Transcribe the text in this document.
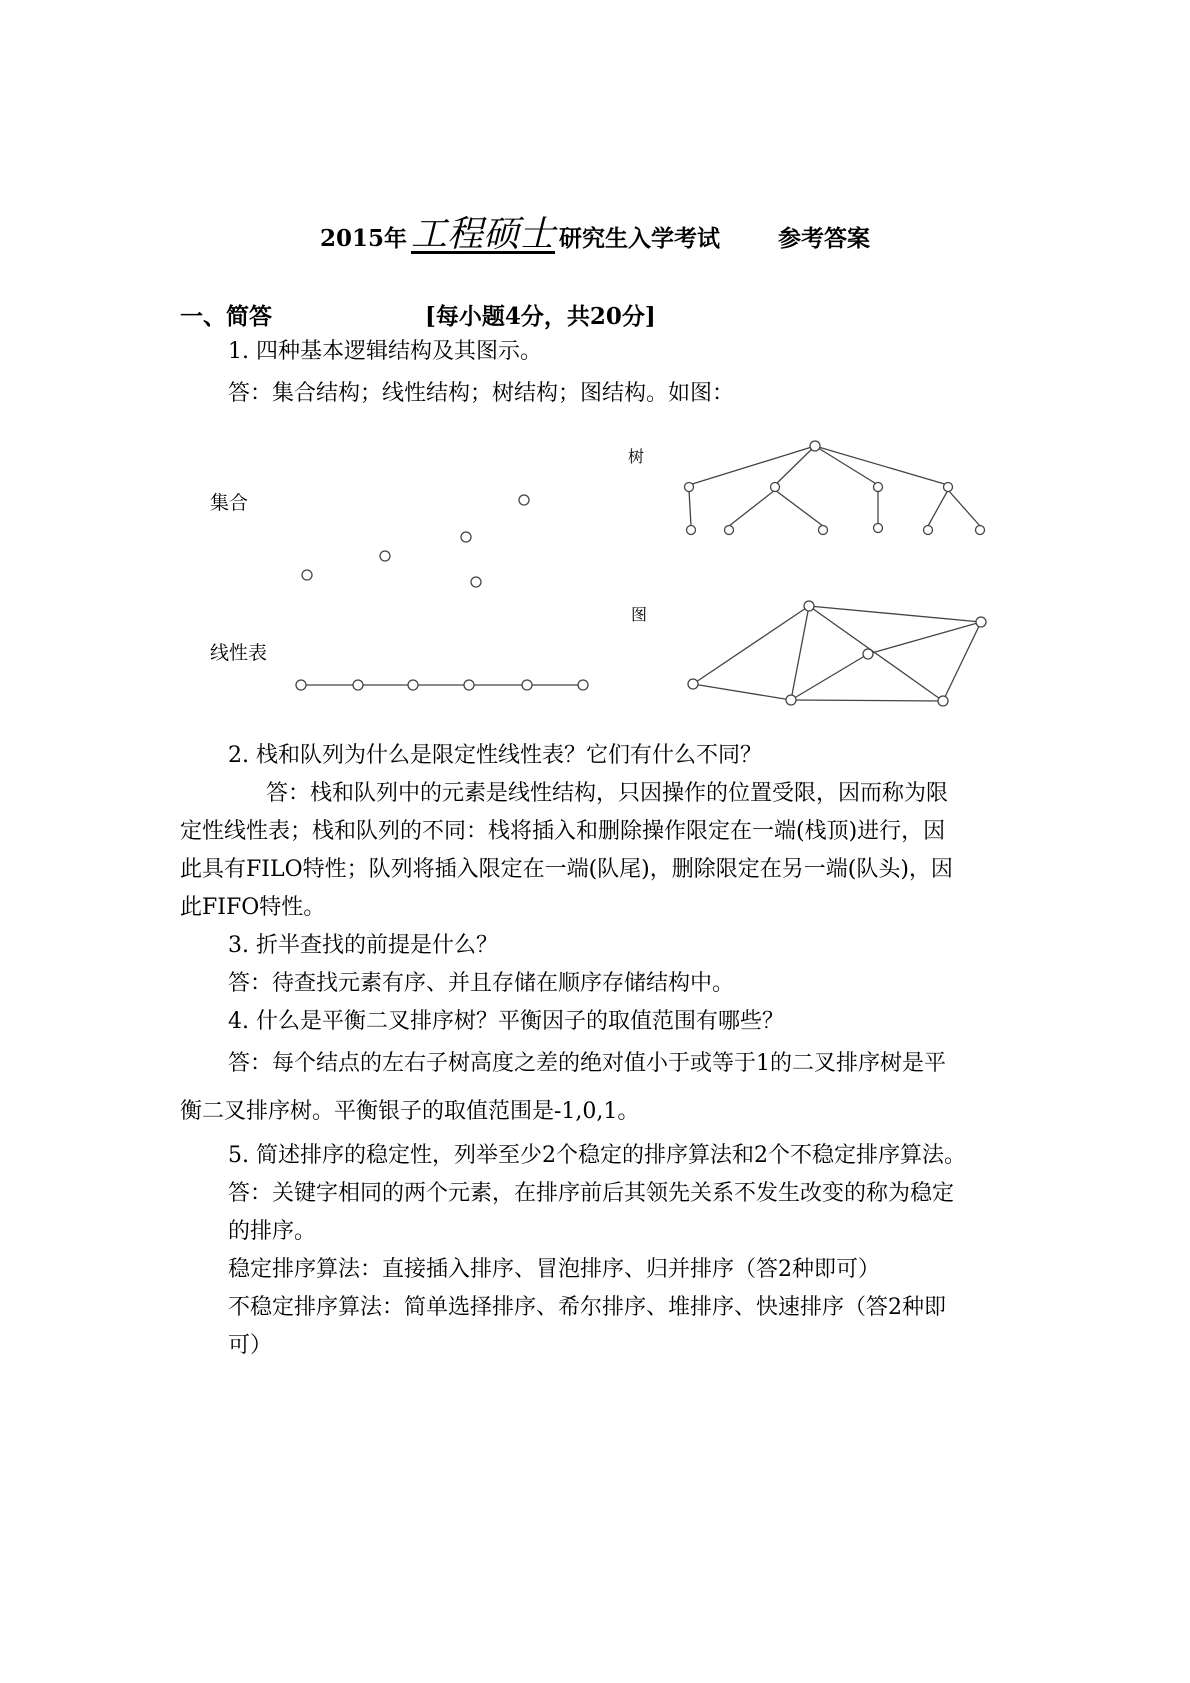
2015年 工程硕士 研究生入学考试	参考答案
一、简答	[每小题4分，共20分]
1. 四种基本逻辑结构及其图示。
答：集合结构；线性结构；树结构；图结构。如图：
集合
线性表
树
图
2. 栈和队列为什么是限定性线性表？它们有什么不同？
答：栈和队列中的元素是线性结构，只因操作的位置受限，因而称为限
定性线性表；栈和队列的不同：栈将插入和删除操作限定在一端(栈顶)进行，因
此具有FILO特性；队列将插入限定在一端(队尾)，删除限定在另一端(队头)，因
此FIFO特性。
3. 折半查找的前提是什么？
答：待查找元素有序、并且存储在顺序存储结构中。
4. 什么是平衡二叉排序树？平衡因子的取值范围有哪些？
答：每个结点的左右子树高度之差的绝对值小于或等于1的二叉排序树是平
衡二叉排序树。平衡银子的取值范围是-1,0,1。
5. 简述排序的稳定性，列举至少2个稳定的排序算法和2个不稳定排序算法。
答：关键字相同的两个元素，在排序前后其领先关系不发生改变的称为稳定
的排序。
稳定排序算法：直接插入排序、冒泡排序、归并排序（答2种即可）
不稳定排序算法：简单选择排序、希尔排序、堆排序、快速排序（答2种即
可）
